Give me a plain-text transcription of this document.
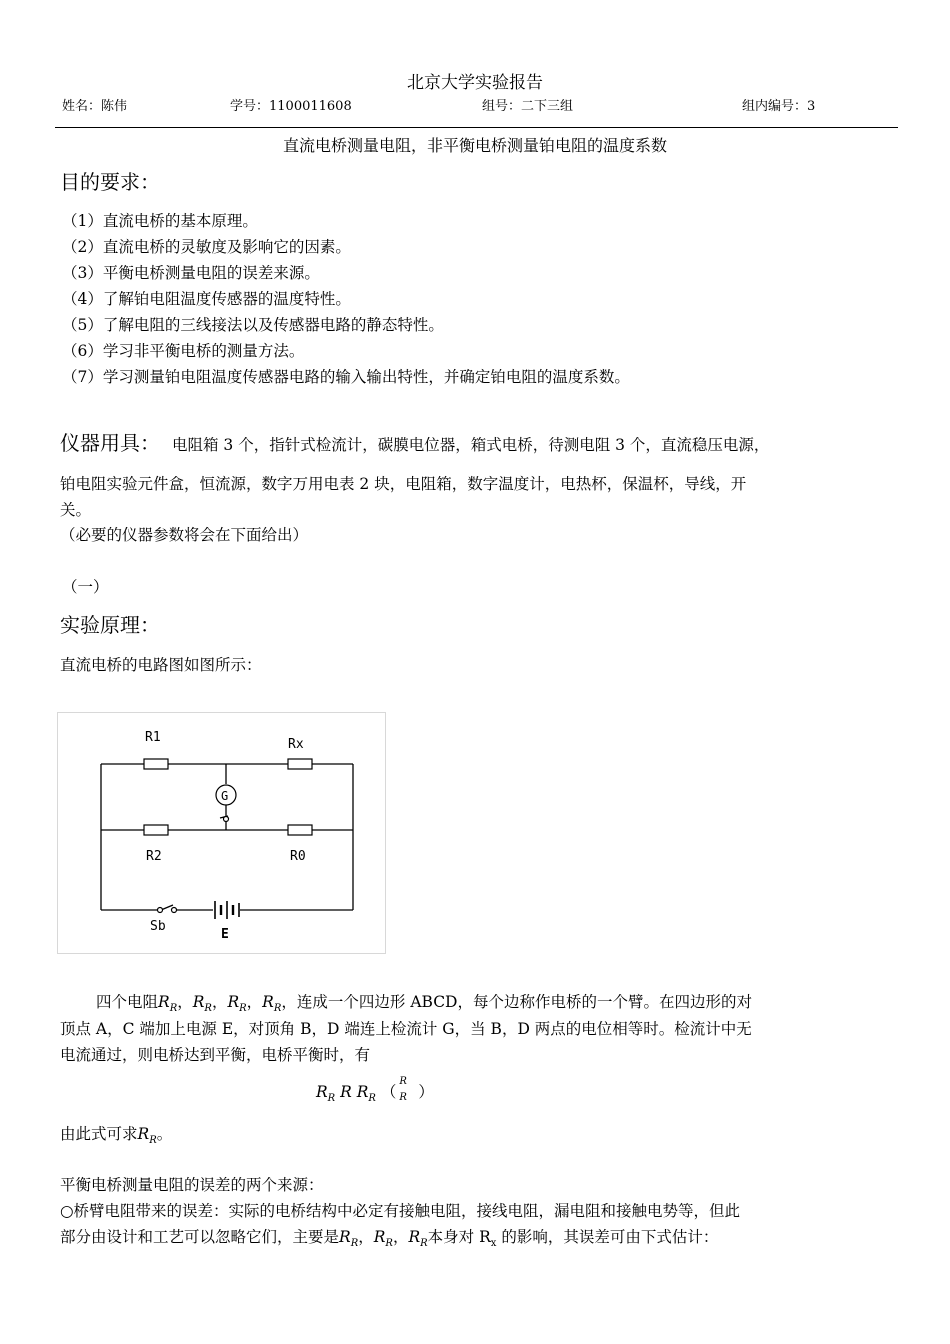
北京大学实验报告
姓名：陈伟	学号：1100011608	组号：二下三组	组内编号：3
直流电桥测量电阻，非平衡电桥测量铂电阻的温度系数
目的要求：
（1）直流电桥的基本原理。
（2）直流电桥的灵敏度及影响它的因素。
（3）平衡电桥测量电阻的误差来源。
（4）了解铂电阻温度传感器的温度特性。
（5）了解电阻的三线接法以及传感器电路的静态特性。
（6）学习非平衡电桥的测量方法。
（7）学习测量铂电阻温度传感器电路的输入输出特性，并确定铂电阻的温度系数。
仪器用具： 电阻箱 3 个，指针式检流计，碳膜电位器，箱式电桥，待测电阻 3 个，直流稳压电源，
铂电阻实验元件盒，恒流源，数字万用电表 2 块，电阻箱，数字温度计，电热杯，保温杯，导线，开
关。
（必要的仪器参数将会在下面给出）
（一）
实验原理：
直流电桥的电路图如图所示：
R1	Rx
G
R2	R0
Sb
E
四个电阻$R_R$，$R_R$，$R_R$，$R_R$，连成一个四边形 ABCD，每个边称作电桥的一个臂。在四边形的对
顶点 A，C 端加上电源 E，对顶角 B，D 端连上检流计 G，当 B，D 两点的电位相等时。检流计中无
电流通过，则电桥达到平衡，电桥平衡时，有
$R_R$ R $R_R$ （
R
R ）
由此式可求$R_R$。
平衡电桥测量电阻的误差的两个来源：
○桥臂电阻带来的误差：实际的电桥结构中必定有接触电阻，接线电阻，漏电阻和接触电势等，但此
部分由设计和工艺可以忽略它们，主要是$R_R$，$R_R$，$R_R$本身对 $R_x$ 的影响，其误差可由下式估计：
